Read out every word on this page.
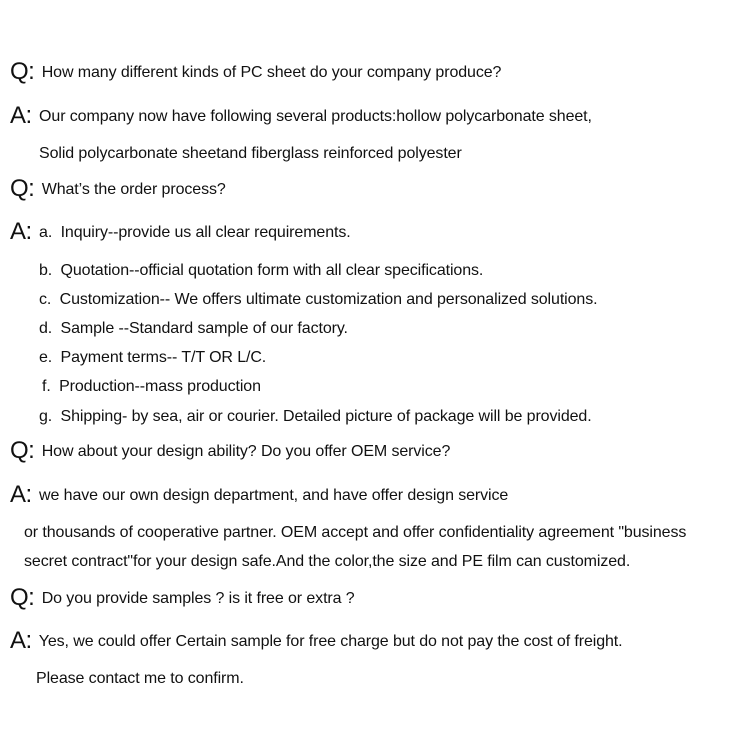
Q: How many different kinds of PC sheet do your company produce?
A: Our company now have following several products:hollow polycarbonate sheet,
Solid polycarbonate sheetand fiberglass reinforced polyester
Q: What’s the order process?
A: a. Inquiry--provide us all clear requirements.
b. Quotation--official quotation form with all clear specifications.
c. Customization-- We offers ultimate customization and personalized solutions.
d. Sample --Standard sample of our factory.
e. Payment terms-- T/T OR L/C.
f. Production--mass production
g. Shipping- by sea, air or courier. Detailed picture of package will be provided.
Q: How about your design ability? Do you offer OEM service?
A: we have our own design department, and have offer design service
or thousands of cooperative partner. OEM accept and offer confidentiality agreement "business
secret contract"for your design safe.And the color,the size and PE film can customized.
Q: Do you provide samples ? is it free or extra ?
A: Yes, we could offer Certain sample for free charge but do not pay the cost of freight.
Please contact me to confirm.
